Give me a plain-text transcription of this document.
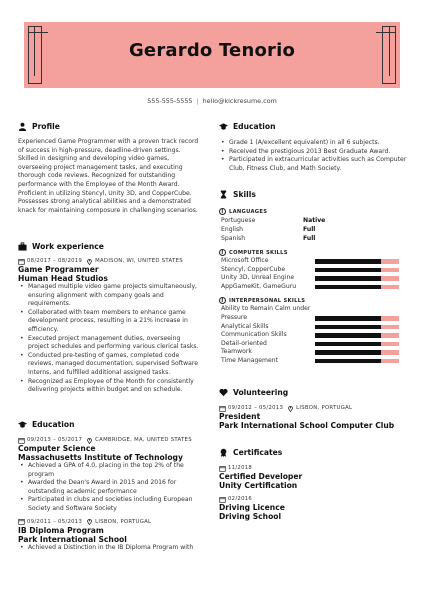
Gerardo Tenorio
555-555-5555 | hello@kickresume.com
Profile
Experienced Game Programmer with a proven track record of success in high-pressure, deadline-driven settings. Skilled in designing and developing video games, overseeing project management tasks, and executing thorough code reviews. Recognized for outstanding performance with the Employee of the Month Award. Proficient in utilizing Stencyl, Unity 3D, and CopperCube. Possesses strong analytical abilities and a demonstrated knack for maintaining composure in challenging scenarios.
Work experience
08/2017 – 08/2019 MADISON, WI, UNITED STATES
Game Programmer
Human Head Studios
• Managed multiple video game projects simultaneously, ensuring alignment with company goals and requirements.
• Collaborated with team members to enhance game development process, resulting in a 21% increase in efficiency.
• Executed project management duties, overseeing project schedules and performing various clerical tasks.
• Conducted pre-testing of games, completed code reviews, managed documentation, supervised Software Interns, and fulfilled additional assigned tasks.
• Recognized as Employee of the Month for consistently delivering projects within budget and on schedule.
Education
09/2013 – 05/2017 CAMBRIDGE, MA, UNITED STATES
Computer Science
Massachusetts Institute of Technology
• Achieved a GPA of 4.0, placing in the top 2% of the program
• Awarded the Dean's Award in 2015 and 2016 for outstanding academic performance
• Participated in clubs and societies including European Society and Software Society
09/2011 – 05/2013 LISBON, PORTUGAL
IB Diploma Program
Park International School
• Achieved a Distinction in the IB Diploma Program with
Education
• Grade 1 (A/excellent equivalent) in all 6 subjects.
• Received the prestigious 2013 Best Graduate Award.
• Participated in extracurricular activities such as Computer Club, Fitness Club, and Math Society.
Skills
I	LANGUAGES
Portuguese	Native
English	Full
Spanish	Full
I	COMPUTER SKILLS
Microsoft Office
Stencyl, CopperCube
Unity 3D, Unreal Engine
AppGameKit, GameGuru
I	INTERPERSONAL SKILLS
Ability to Remain Calm under Pressure
Analytical Skills
Communication Skills
Detail-oriented
Teamwork
Time Management
Volunteering
09/2012 – 05/2013 LISBON, PORTUGAL
President
Park International School Computer Club
Certificates
11/2018
Certified Developer
Unity Certification
02/2016
Driving Licence
Driving School
